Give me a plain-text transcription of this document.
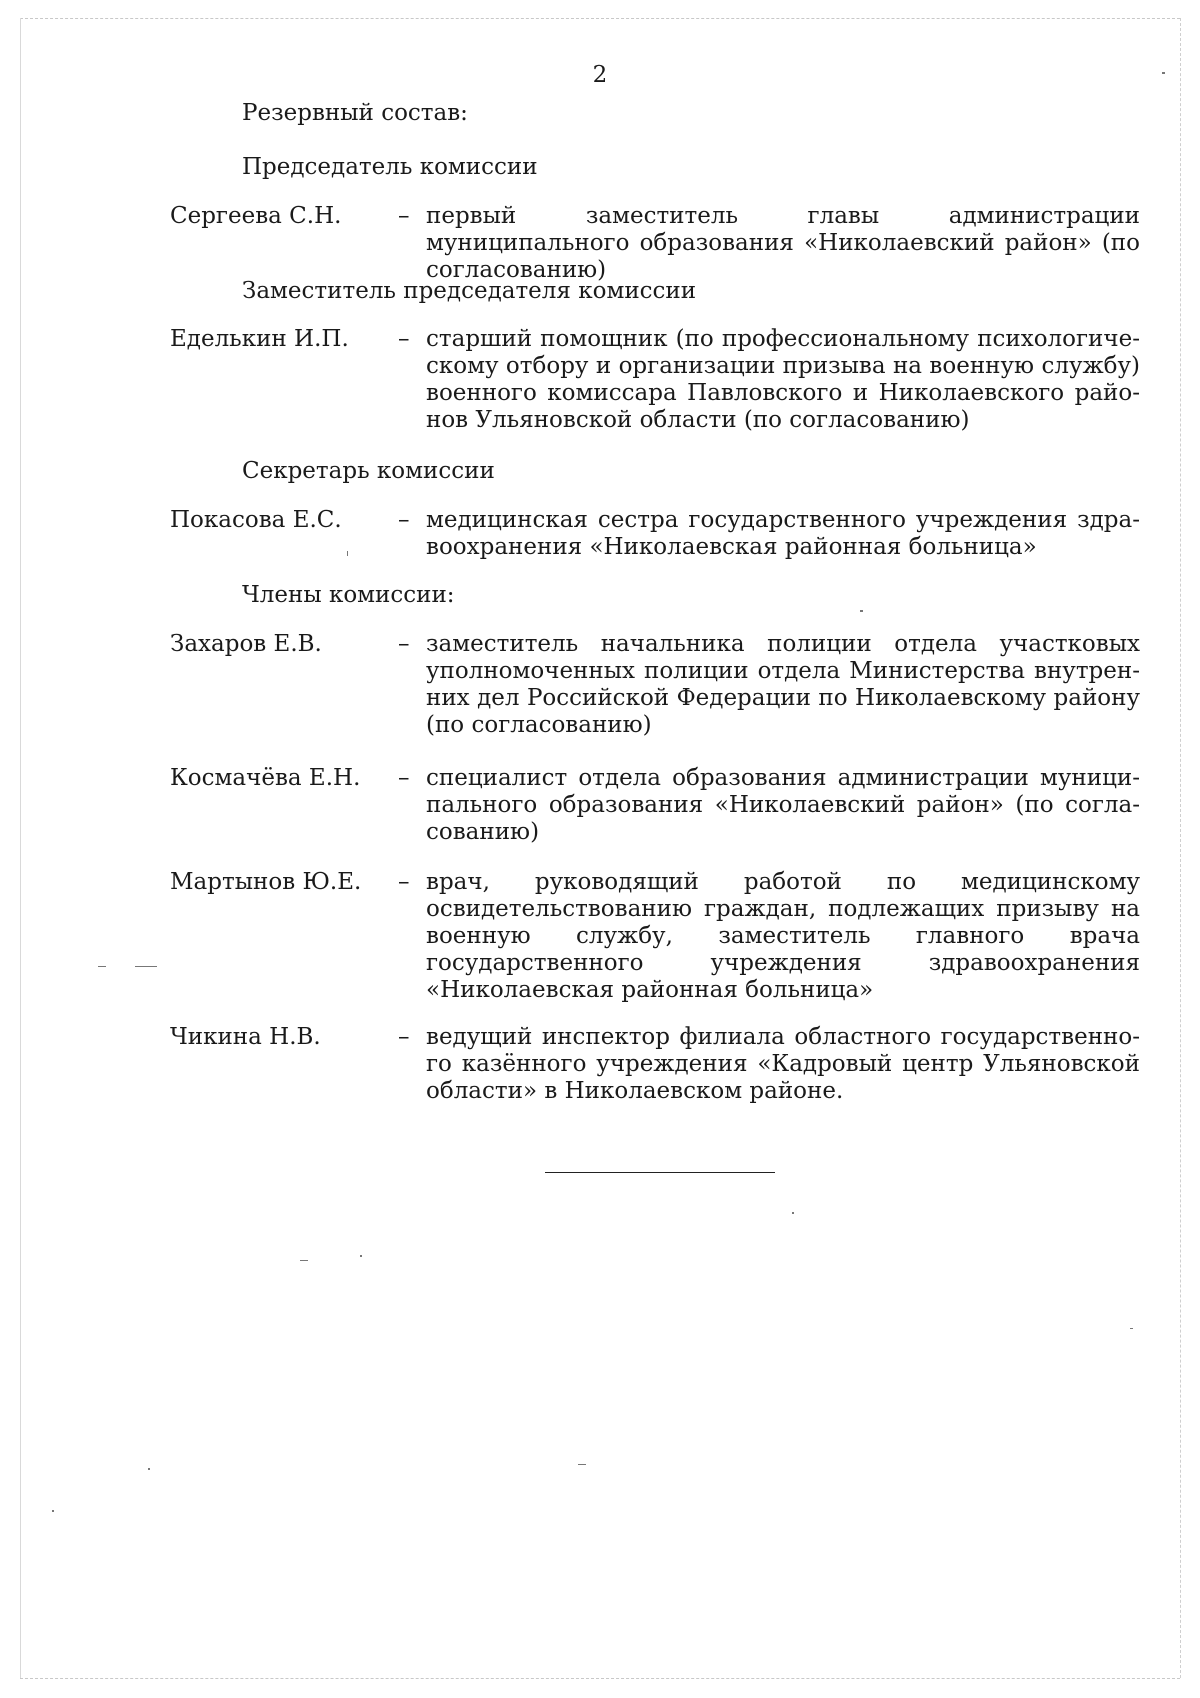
2
Резервный состав:
Председатель комиссии
Сергеева С.Н. – первый заместитель главы администрации муниципального образования «Николаевский район» (по согласованию)
Заместитель председателя комиссии
Еделькин И.П. – старший помощник (по профессиональному психологическому отбору и организации призыва на военную службу) военного комиссара Павловского и Николаевского районов Ульяновской области (по согласованию)
Секретарь комиссии
Покасова Е.С. – медицинская сестра государственного учреждения здравоохранения «Николаевская районная больница»
Члены комиссии:
Захаров Е.В.	– заместитель начальника полиции отдела участковых уполномоченных полиции отдела Министерства внутренних дел Российской Федерации по Николаевскому району (по согласованию)
Космачёва Е.Н. – специалист отдела образования администрации муниципального образования «Николаевский район» (по согласованию)
Мартынов Ю.Е. – врач, руководящий работой по медицинскому освидетельствованию граждан, подлежащих призыву на военную службу, заместитель главного врача государственного учреждения здравоохранения «Николаевская районная больница»
Чикина Н.В.	– ведущий инспектор филиала областного государственного казённого учреждения «Кадровый центр Ульяновской области» в Николаевском районе.
